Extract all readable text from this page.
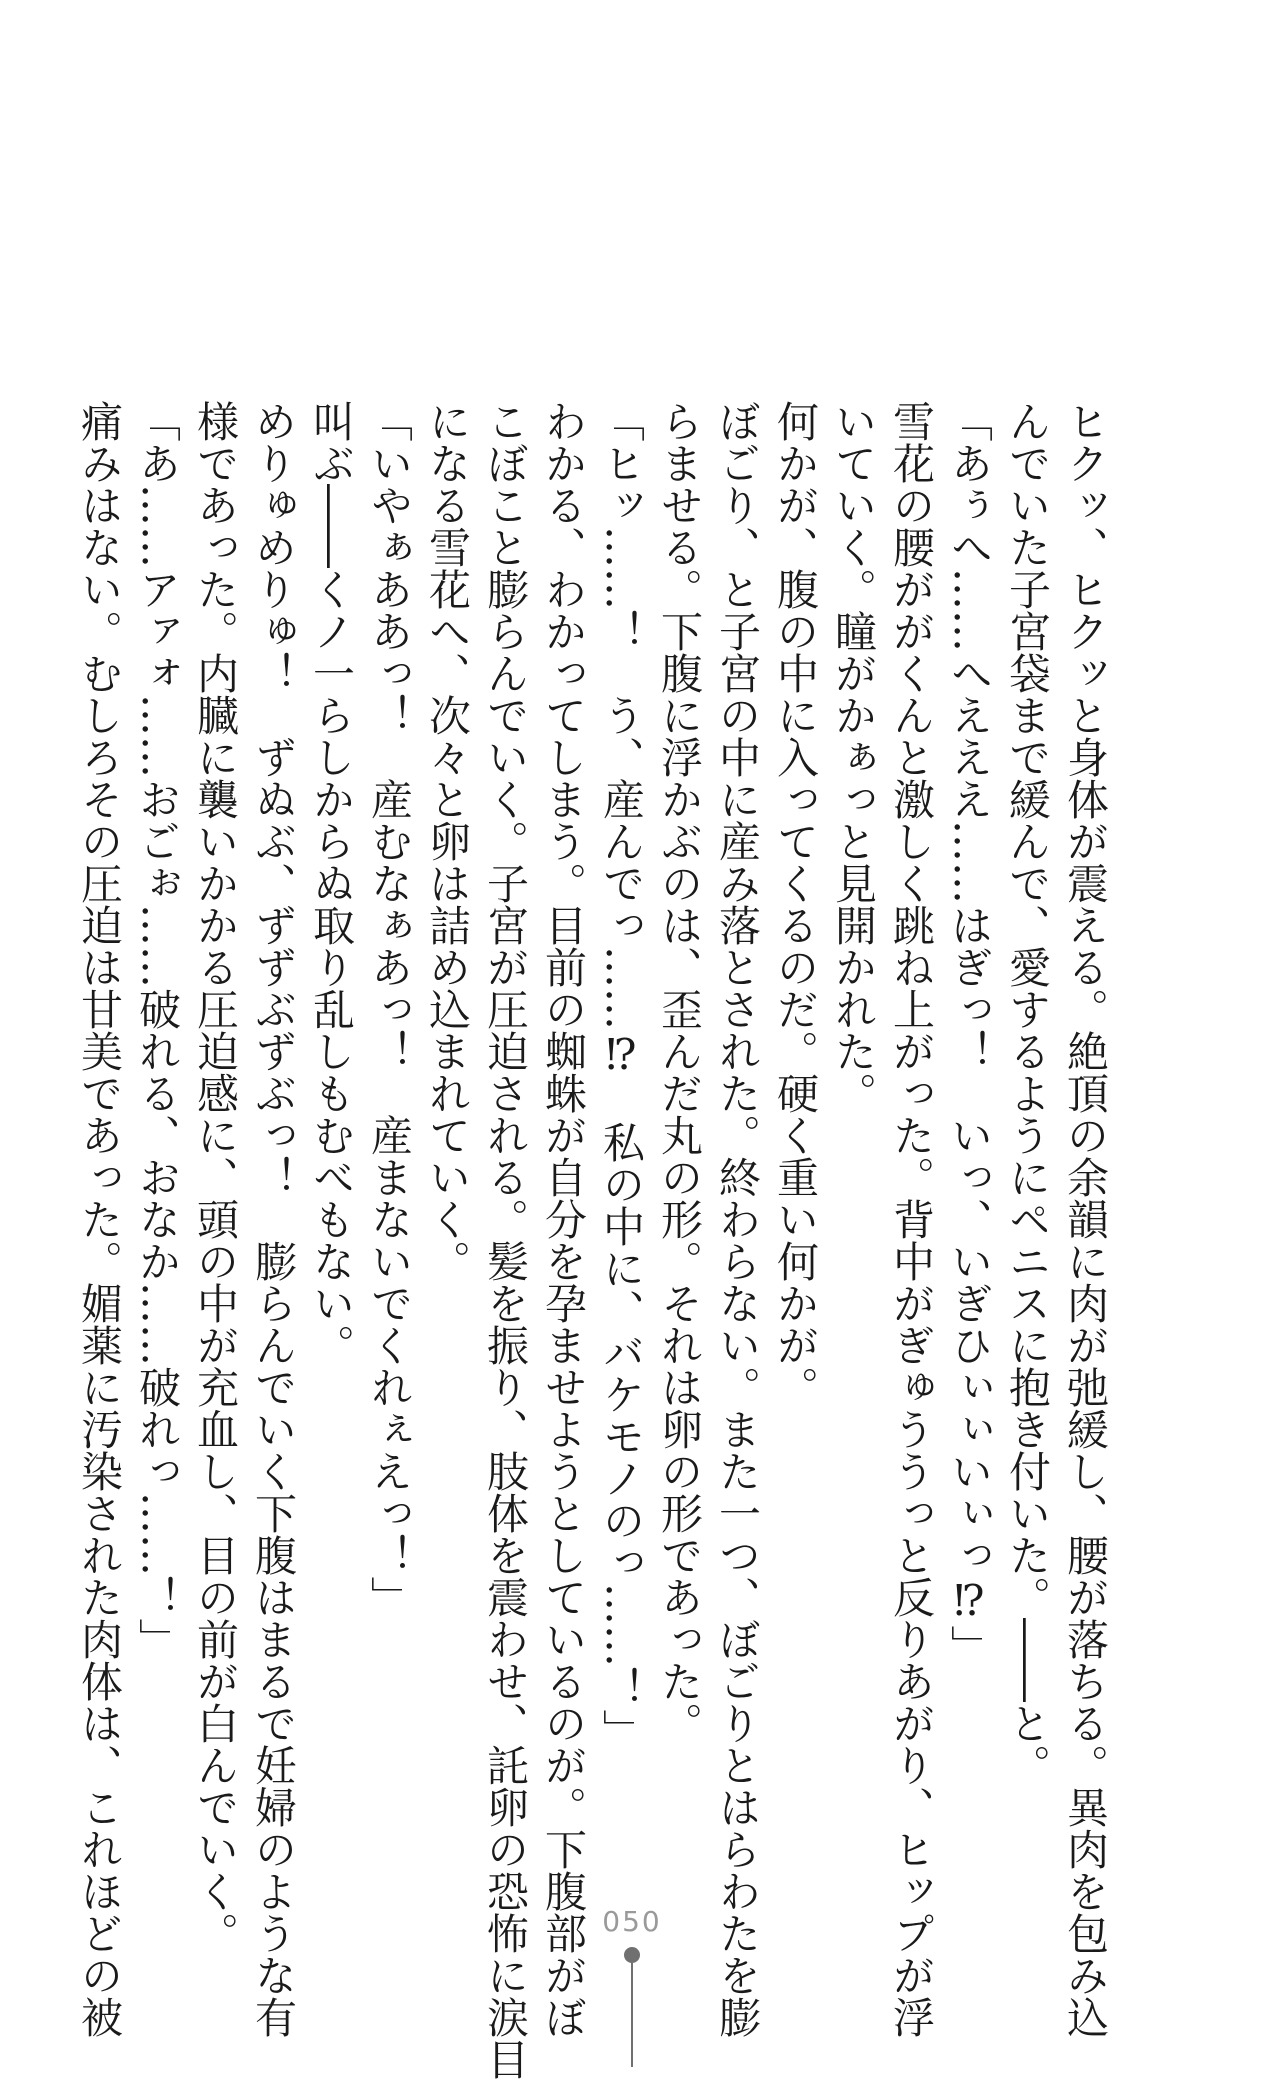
ヒクッ、ヒクッと身体が震える。絶頂の余韻に肉が弛緩し、腰が落ちる。異肉を包み込
んでいた子宮袋まで緩んで、愛するようにペニスに抱き付いた。――と。
「あぅへ……へえええ……はぎっ！　いっ、いぎひぃぃいぃっ⁉」
雪花の腰ががくんと激しく跳ね上がった。背中がぎゅううっと反りあがり、ヒップが浮
いていく。瞳がかぁっと見開かれた。
何かが、腹の中に入ってくるのだ。硬く重い何かが。
ぼごり、と子宮の中に産み落とされた。終わらない。また一つ、ぼごりとはらわたを膨
らませる。下腹に浮かぶのは、歪んだ丸の形。それは卵の形であった。
「ヒッ……！　う、産んでっ……⁉　私の中に、バケモノのっ……！」
わかる、わかってしまう。目前の蜘蛛が自分を孕ませようとしているのが。下腹部がぼ
こぼこと膨らんでいく。子宮が圧迫される。髪を振り、肢体を震わせ、託卵の恐怖に涙目
になる雪花へ、次々と卵は詰め込まれていく。
「いやぁああっ！　産むなぁあっ！　産まないでくれぇえっ！」
叫ぶ――くノ一らしからぬ取り乱しもむべもない。
めりゅめりゅ！　ずぬぶ、ずずぶずぶっ！　膨らんでいく下腹はまるで妊婦のような有
様であった。内臓に襲いかかる圧迫感に、頭の中が充血し、目の前が白んでいく。
「あ……アァォ……おごぉ……破れる、おなか……破れっ……！」
痛みはない。むしろその圧迫は甘美であった。媚薬に汚染された肉体は、これほどの被	050
